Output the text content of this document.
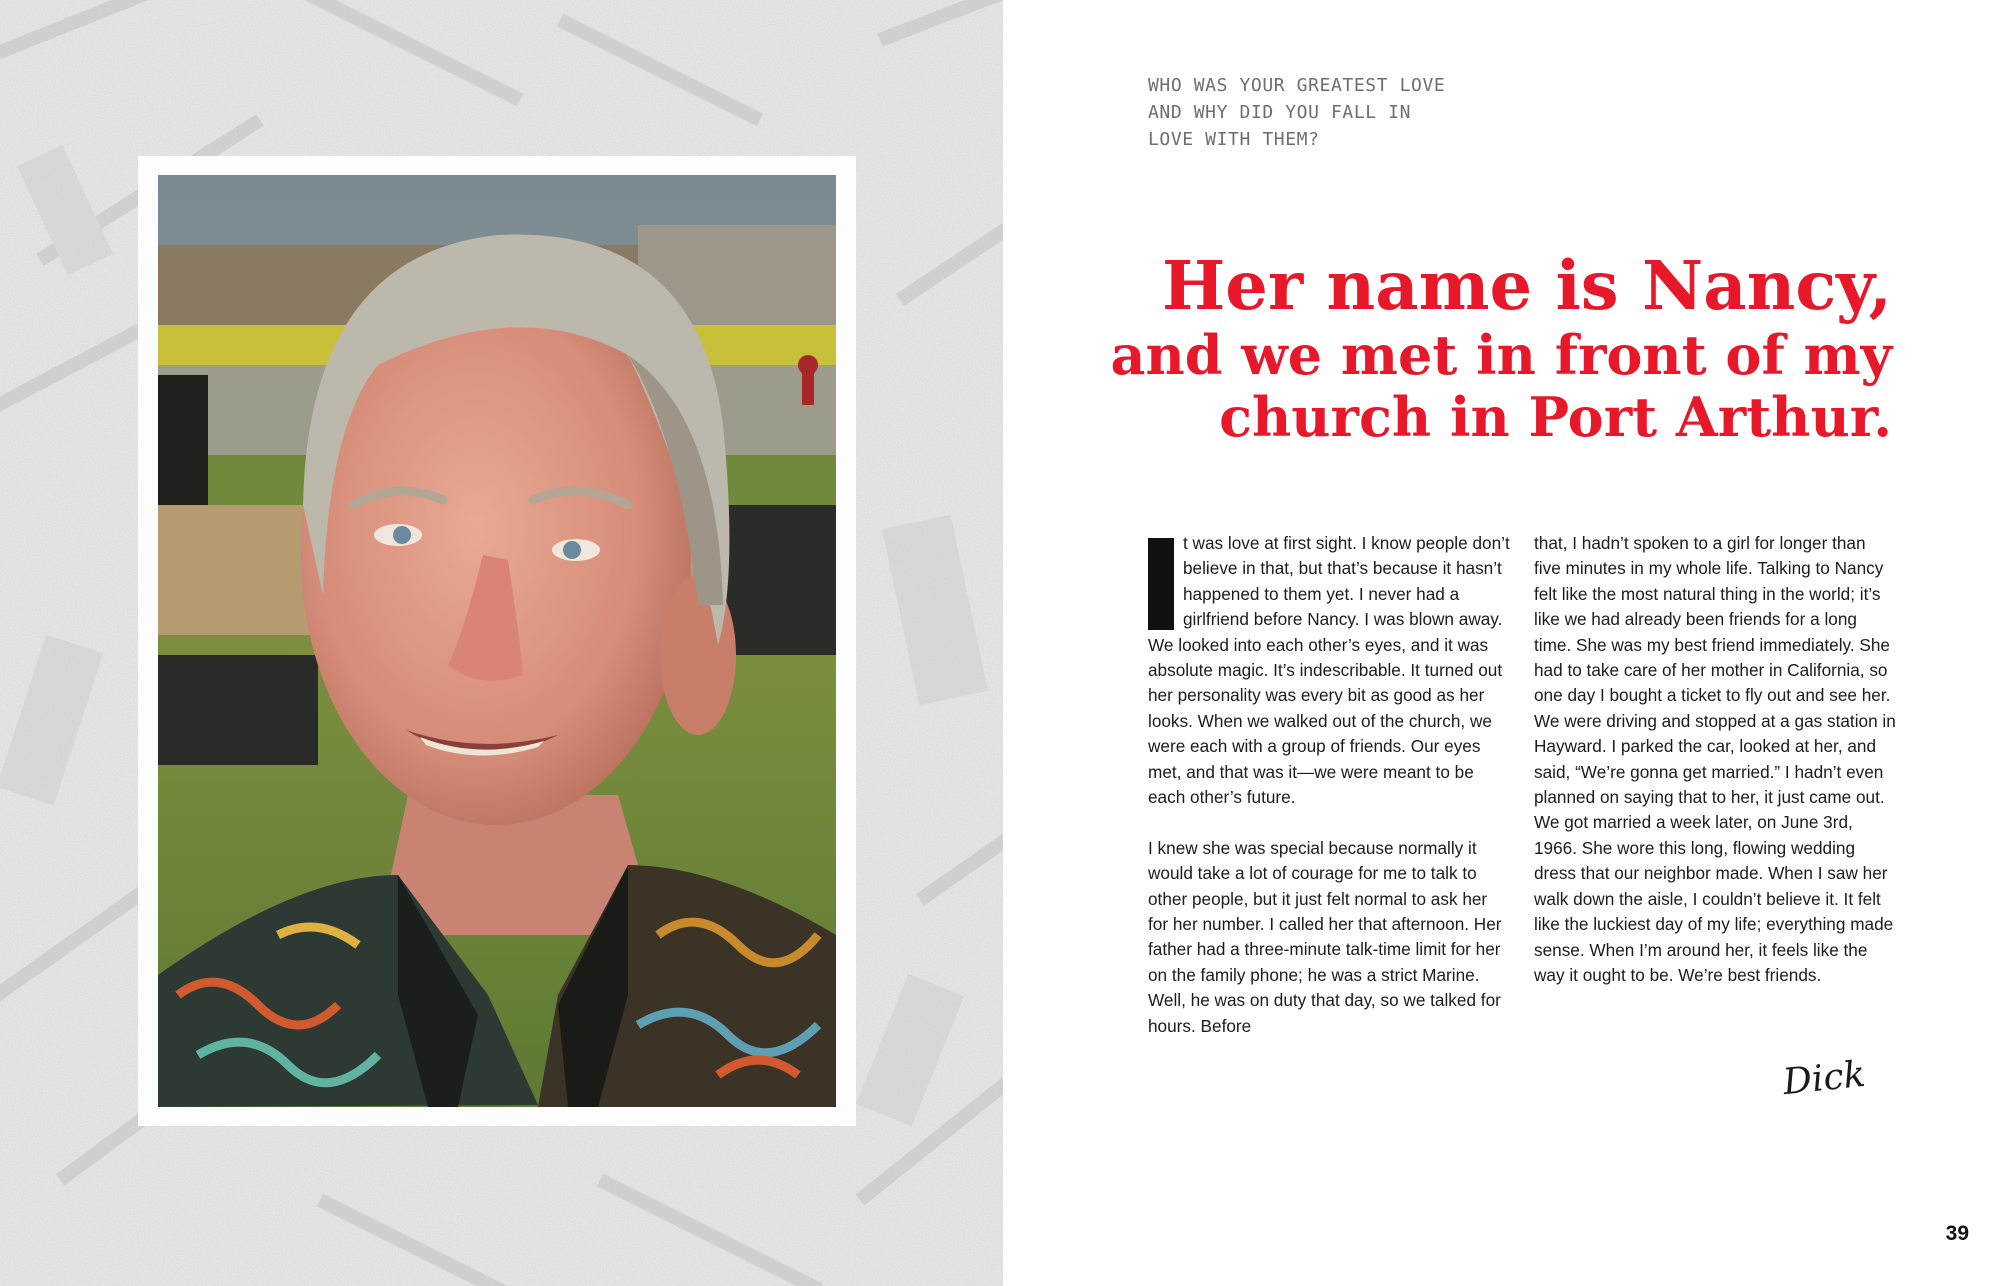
WHO WAS YOUR GREATEST LOVE AND WHY DID YOU FALL IN LOVE WITH THEM?

Her name is Nancy,
and we met in front of my
church in Port Arthur.

I	t was love at first sight. I know people don’t believe in that, but that’s because it hasn’t happened to them yet. I never had a girlfriend before Nancy. I was blown away. We looked into each other’s eyes, and it was absolute magic. It’s indescribable. It turned out her personality was every bit as good as her looks. When we walked out of the church, we were each with a group of friends. Our eyes met, and that was it—we were meant to be each other’s future.

I knew she was special because normally it would take a lot of courage for me to talk to other people, but it just felt normal to ask her for her number. I called her that afternoon. Her father had a three-minute talk-time limit for her on the family phone; he was a strict Marine. Well, he was on duty that day, so we talked for hours. Before

that, I hadn’t spoken to a girl for longer than five minutes in my whole life. Talking to Nancy felt like the most natural thing in the world; it’s like we had already been friends for a long time. She was my best friend immediately. She had to take care of her mother in California, so one day I bought a ticket to fly out and see her. We were driving and stopped at a gas station in Hayward. I parked the car, looked at her, and said, “We’re gonna get married.” I hadn’t even planned on saying that to her, it just came out. We got married a week later, on June 3rd, 1966. She wore this long, flowing wedding dress that our neighbor made. When I saw her walk down the aisle, I couldn’t believe it. It felt like the luckiest day of my life; everything made sense. When I’m around her, it feels like the way it ought to be. We’re best friends.

Dick
39
